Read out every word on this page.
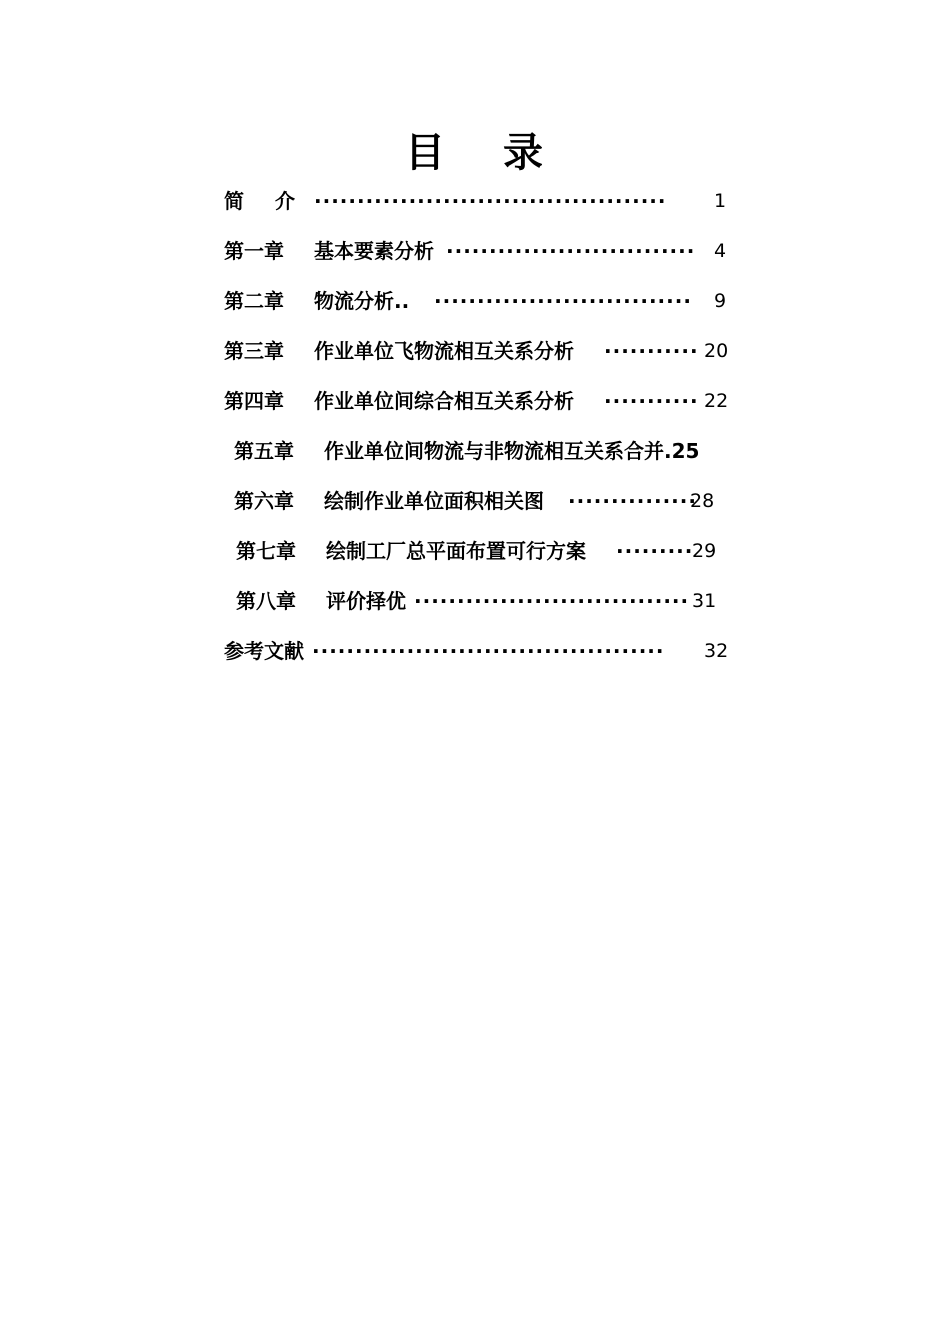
目 录
简 介 ·········································	1
第一章 基本要素分析 ····························· 4
第二章 物流分析.. ······························ 9
第三章 作业单位飞物流相互关系分析 ··········· 20
第四章 作业单位间综合相互关系分析 ··········· 22
第五章 作业单位间物流与非物流相互关系合并.25
第六章 绘制作业单位面积相关图 ···············
28
第七章 绘制工厂总平面布置可行方案 ·········
29
第八章 评价择优 ································ 31
参考文献 ·········································	32
